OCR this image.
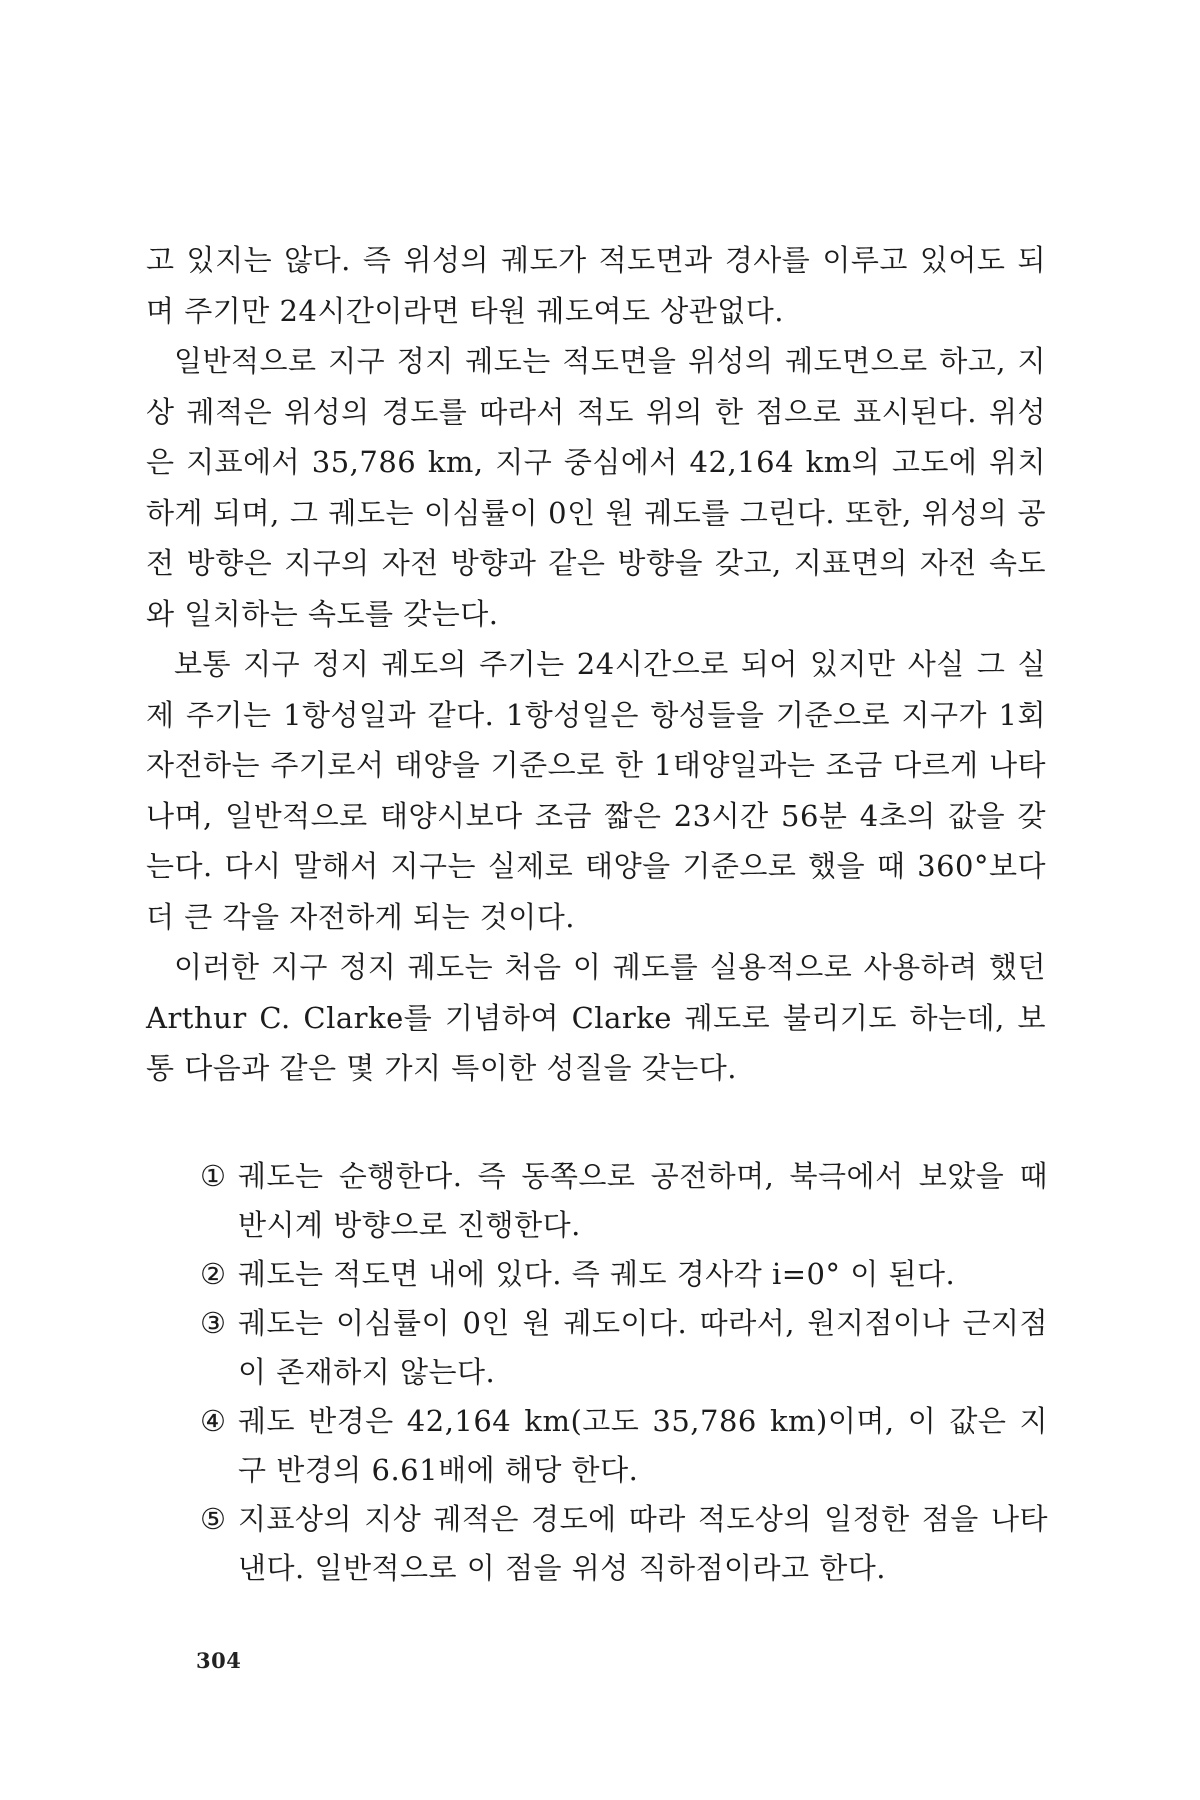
고 있지는 않다. 즉 위성의 궤도가 적도면과 경사를 이루고 있어도 되며 주기만 24시간이라면 타원 궤도여도 상관없다.

일반적으로 지구 정지 궤도는 적도면을 위성의 궤도면으로 하고, 지상 궤적은 위성의 경도를 따라서 적도 위의 한 점으로 표시된다. 위성은 지표에서 35,786 km, 지구 중심에서 42,164 km의 고도에 위치하게 되며, 그 궤도는 이심률이 0인 원 궤도를 그린다. 또한, 위성의 공전 방향은 지구의 자전 방향과 같은 방향을 갖고, 지표면의 자전 속도와 일치하는 속도를 갖는다.

보통 지구 정지 궤도의 주기는 24시간으로 되어 있지만 사실 그 실제 주기는 1항성일과 같다. 1항성일은 항성들을 기준으로 지구가 1회 자전하는 주기로서 태양을 기준으로 한 1태양일과는 조금 다르게 나타나며, 일반적으로 태양시보다 조금 짧은 23시간 56분 4초의 값을 갖는다. 다시 말해서 지구는 실제로 태양을 기준으로 했을 때 360°보다 더 큰 각을 자전하게 되는 것이다.

이러한 지구 정지 궤도는 처음 이 궤도를 실용적으로 사용하려 했던 Arthur C. Clarke를 기념하여 Clarke 궤도로 불리기도 하는데, 보통 다음과 같은 몇 가지 특이한 성질을 갖는다.

① 궤도는 순행한다. 즉 동쪽으로 공전하며, 북극에서 보았을 때 반시계 방향으로 진행한다.
② 궤도는 적도면 내에 있다. 즉 궤도 경사각 i=0° 이 된다.
③ 궤도는 이심률이 0인 원 궤도이다. 따라서, 원지점이나 근지점이 존재하지 않는다.
④ 궤도 반경은 42,164 km(고도 35,786 km)이며, 이 값은 지구 반경의 6.61배에 해당 한다.
⑤ 지표상의 지상 궤적은 경도에 따라 적도상의 일정한 점을 나타낸다. 일반적으로 이 점을 위성 직하점이라고 한다.
304
